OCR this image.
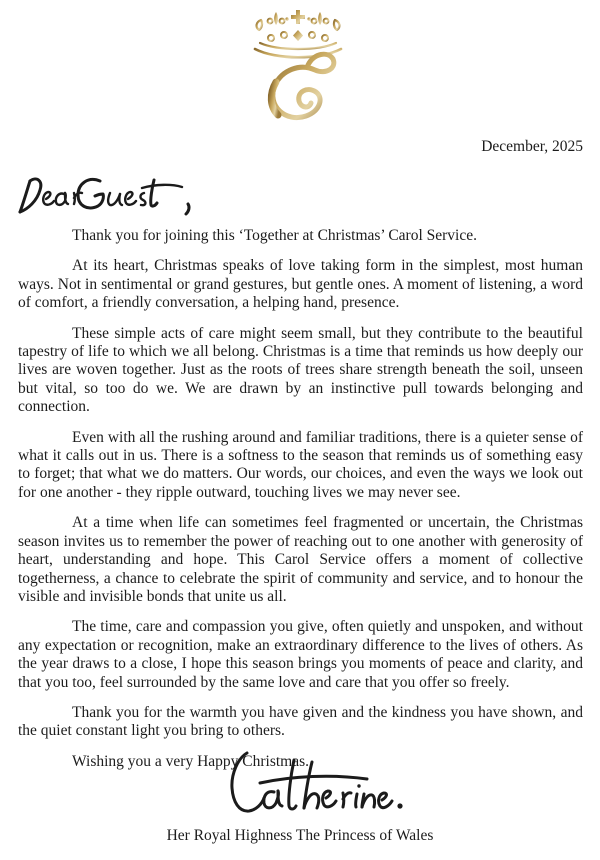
December, 2025

Thank you for joining this ‘Together at Christmas’ Carol Service.

At its heart, Christmas speaks of love taking form in the simplest, most human ways. Not in sentimental or grand gestures, but gentle ones. A moment of listening, a word of comfort, a friendly conversation, a helping hand, presence.

These simple acts of care might seem small, but they contribute to the beautiful tapestry of life to which we all belong. Christmas is a time that reminds us how deeply our lives are woven together. Just as the roots of trees share strength beneath the soil, unseen but vital, so too do we. We are drawn by an instinctive pull towards belonging and connection.

Even with all the rushing around and familiar traditions, there is a quieter sense of what it calls out in us. There is a softness to the season that reminds us of something easy to forget; that what we do matters. Our words, our choices, and even the ways we look out for one another - they ripple outward, touching lives we may never see.

At a time when life can sometimes feel fragmented or uncertain, the Christmas season invites us to remember the power of reaching out to one another with generosity of heart, understanding and hope. This Carol Service offers a moment of collective togetherness, a chance to celebrate the spirit of community and service, and to honour the visible and invisible bonds that unite us all.

The time, care and compassion you give, often quietly and unspoken, and without any expectation or recognition, make an extraordinary difference to the lives of others. As the year draws to a close, I hope this season brings you moments of peace and clarity, and that you too, feel surrounded by the same love and care that you offer so freely.

Thank you for the warmth you have given and the kindness you have shown, and the quiet constant light you bring to others.

Wishing you a very Happy Christmas.

Her Royal Highness The Princess of Wales
